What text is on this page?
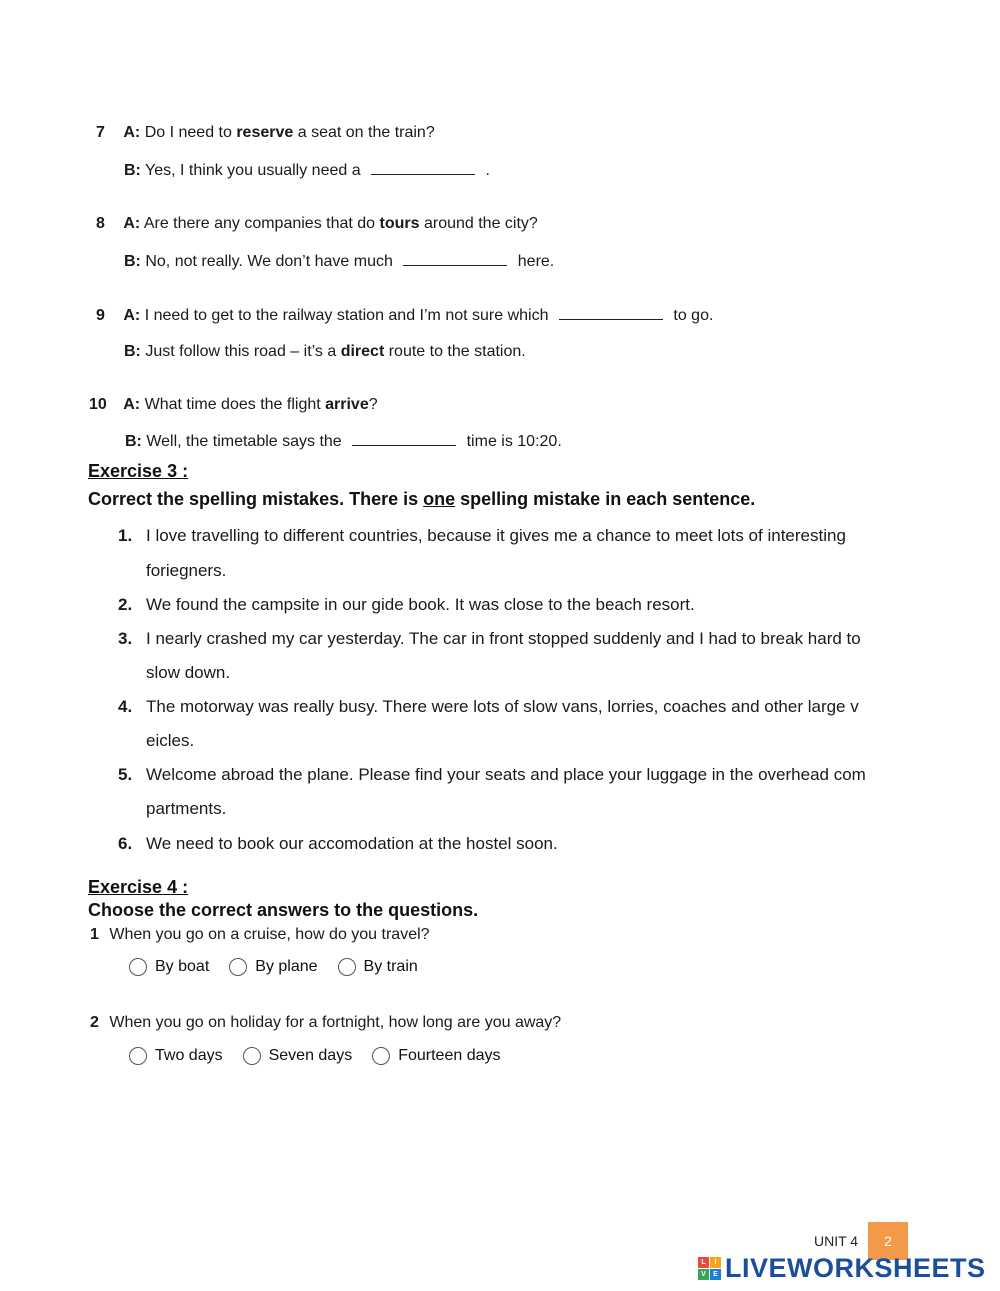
7 A: Do I need to reserve a seat on the train?
B: Yes, I think you usually need a	.
8 A: Are there any companies that do tours around the city?
B: No, not really. We don’t have much	here.
9 A: I need to get to the railway station and I’m not sure which	to go.
B: Just follow this road – it’s a direct route to the station.
10 A: What time does the flight arrive?
B: Well, the timetable says the	time is 10:20.
Exercise 3 :
Correct the spelling mistakes. There is one spelling mistake in each sentence.
1. I love travelling to different countries, because it gives me a chance to meet lots of interesting
foriegners.
2. We found the campsite in our gide book. It was close to the beach resort.
3. I nearly crashed my car yesterday. The car in front stopped suddenly and I had to break hard to
slow down.
4. The motorway was really busy. There were lots of slow vans, lorries, coaches and other large v
eicles.
5. Welcome abroad the plane. Please find your seats and place your luggage in the overhead com
partments.
6. We need to book our accomodation at the hostel soon.
Exercise 4 :
Choose the correct answers to the questions.
1 When you go on a cruise, how do you travel?
By boat	By plane	By train
2 When you go on holiday for a fortnight, how long are you away?
Two days	Seven days	Fourteen days
UNIT 4	2
L	I
V	E LIVEWORKSHEETS
